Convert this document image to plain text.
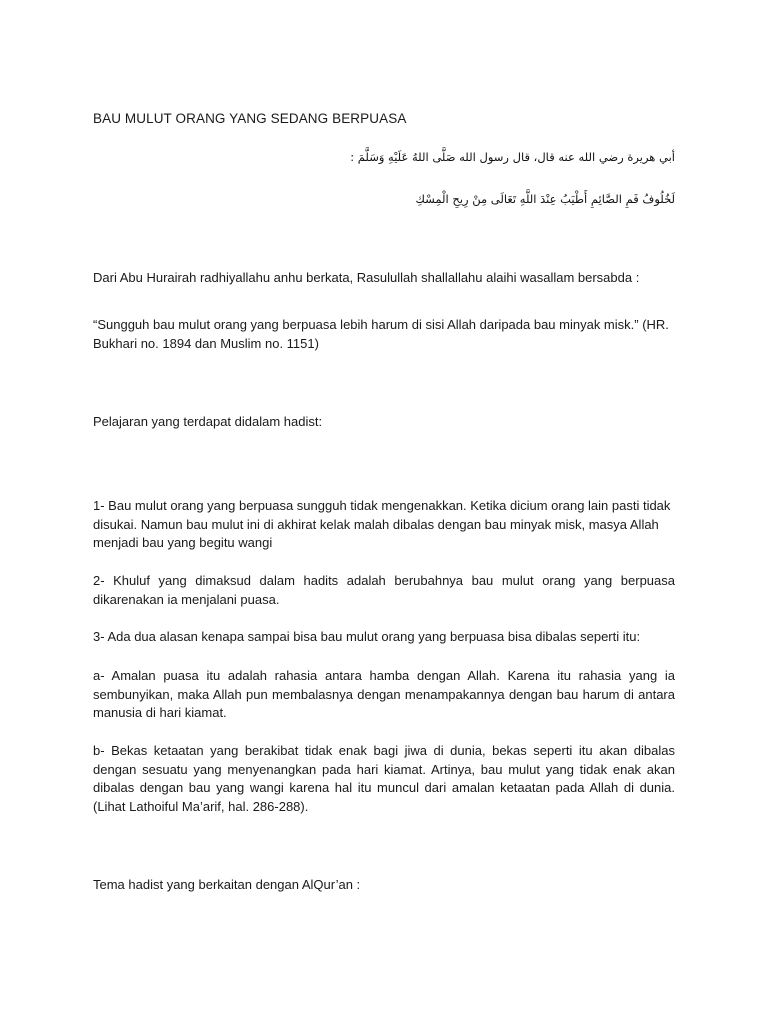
BAU MULUT ORANG YANG SEDANG BERPUASA

أبي هريرة رضي الله عنه قال، قال رسول الله صَلَّى اللهُ عَلَيْهِ وَسَلَّمَ :

لَخُلُوفُ فَمِ الصَّائِمِ أَطْيَبُ عِنْدَ اللَّهِ تَعَالَى مِنْ رِيحِ الْمِسْكِ

Dari Abu Hurairah radhiyallahu anhu berkata, Rasulullah shallallahu alaihi wasallam bersabda :

“Sungguh bau mulut orang yang berpuasa lebih harum di sisi Allah daripada bau minyak misk.” (HR. Bukhari no. 1894 dan Muslim no. 1151)

Pelajaran yang terdapat didalam hadist:

1- Bau mulut orang yang berpuasa sungguh tidak mengenakkan. Ketika dicium orang lain pasti tidak disukai. Namun bau mulut ini di akhirat kelak malah dibalas dengan bau minyak misk, masya Allah menjadi bau yang begitu wangi

2- Khuluf yang dimaksud dalam hadits adalah berubahnya bau mulut orang yang berpuasa dikarenakan ia menjalani puasa.

3- Ada dua alasan kenapa sampai bisa bau mulut orang yang berpuasa bisa dibalas seperti itu:

a- Amalan puasa itu adalah rahasia antara hamba dengan Allah. Karena itu rahasia yang ia sembunyikan, maka Allah pun membalasnya dengan menampakannya dengan bau harum di antara manusia di hari kiamat.

b- Bekas ketaatan yang berakibat tidak enak bagi jiwa di dunia, bekas seperti itu akan dibalas dengan sesuatu yang menyenangkan pada hari kiamat. Artinya, bau mulut yang tidak enak akan dibalas dengan bau yang wangi karena hal itu muncul dari amalan ketaatan pada Allah di dunia. (Lihat Lathoiful Ma’arif, hal. 286-288).

Tema hadist yang berkaitan dengan AlQur’an :
